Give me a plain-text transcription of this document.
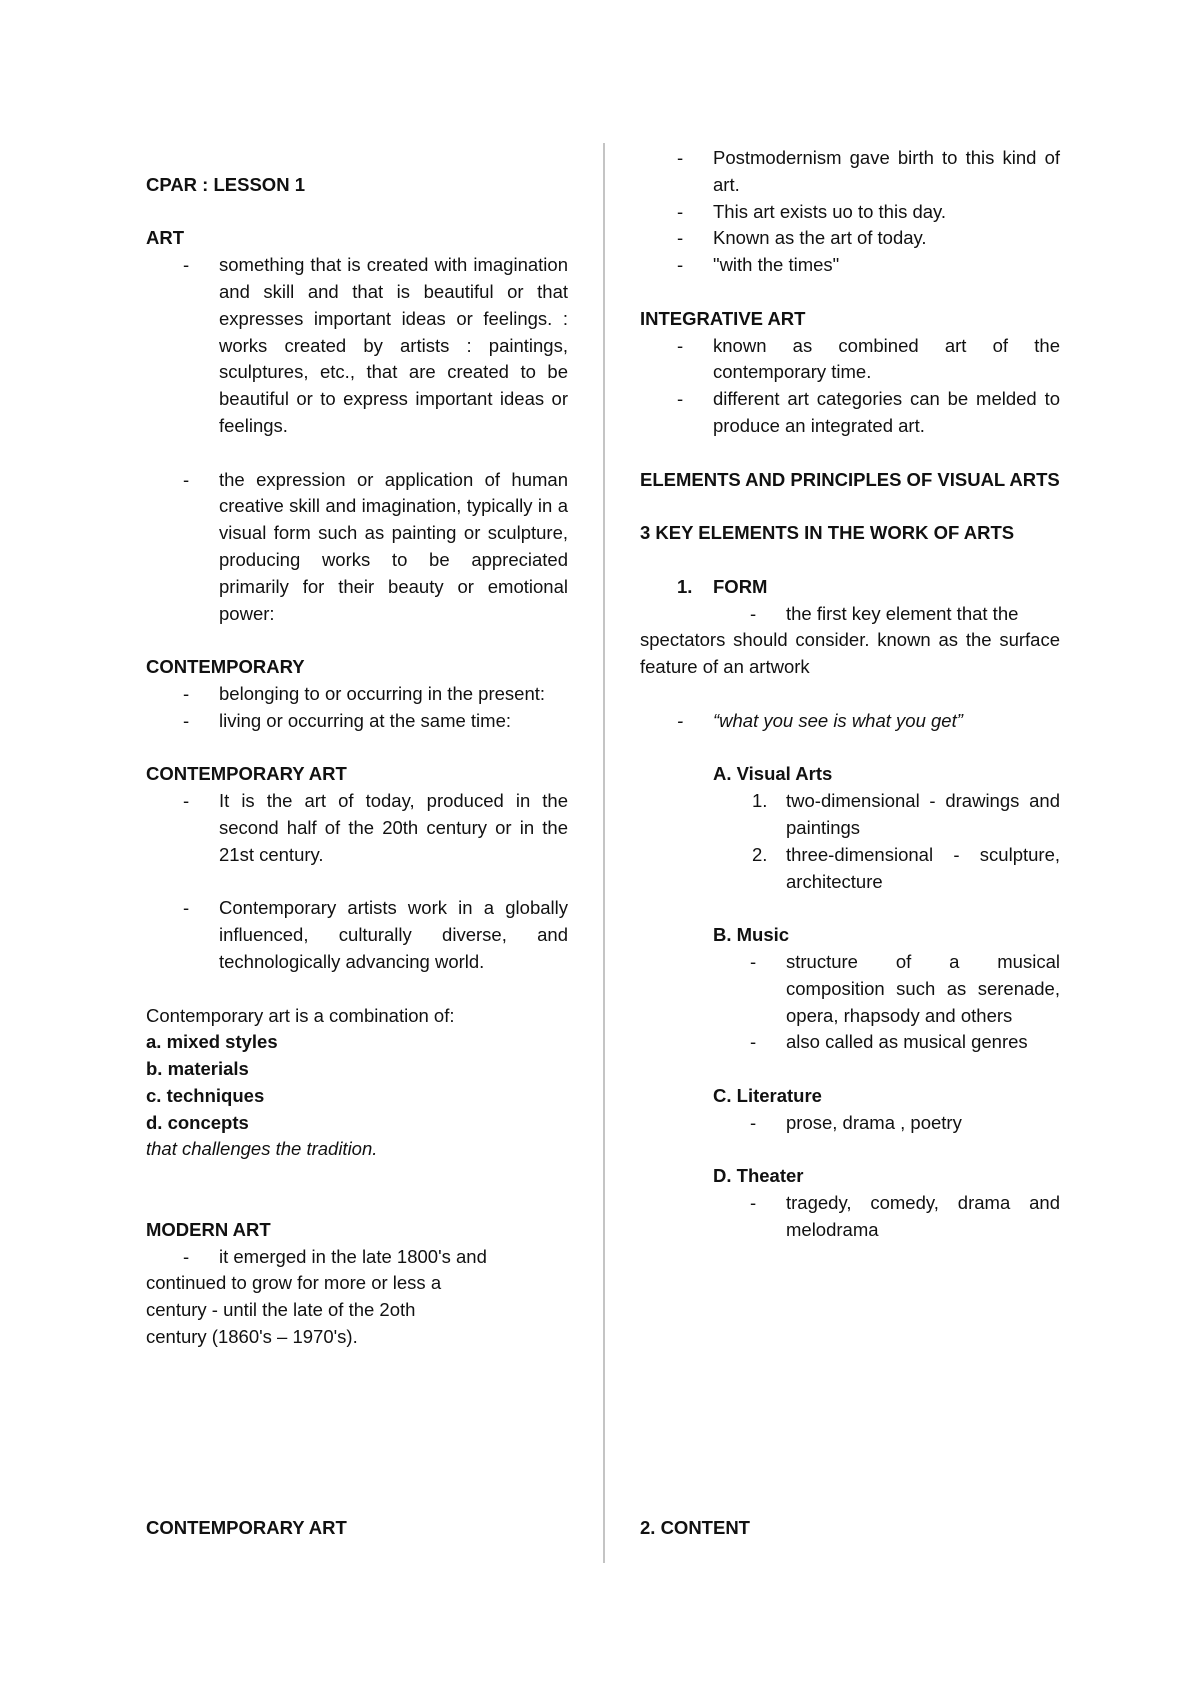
CPAR : LESSON 1
ART
- something that is created with imagination and skill and that is beautiful or that expresses important ideas or feelings. : works created by artists : paintings, sculptures, etc., that are created to be beautiful or to express important ideas or feelings.
- the expression or application of human creative skill and imagination, typically in a visual form such as painting or sculpture, producing works to be appreciated primarily for their beauty or emotional power:
CONTEMPORARY
- belonging to or occurring in the present:
- living or occurring at the same time:
CONTEMPORARY ART
- It is the art of today, produced in the second half of the 20th century or in the 21st century.
- Contemporary artists work in a globally influenced, culturally diverse, and technologically advancing world.
Contemporary art is a combination of:
a. mixed styles
b. materials
c. techniques
d. concepts
that challenges the tradition.
MODERN ART
- it emerged in the late 1800's and
continued to grow for more or less a
century - until the late of the 2oth
century (1860's – 1970's).
CONTEMPORARY ART
- Postmodernism gave birth to this kind of art.
- This art exists uo to this day.
- Known as the art of today.
- "with the times"
INTEGRATIVE ART
- known as combined art of the contemporary time.
- different art categories can be melded to produce an integrated art.
ELEMENTS AND PRINCIPLES OF VISUAL ARTS
3 KEY ELEMENTS IN THE WORK OF ARTS
1. FORM
- the first key element that the
spectators should consider. known as the surface feature of an artwork
- “what you see is what you get”
A. Visual Arts
1. two-dimensional - drawings and paintings
2. three-dimensional - sculpture, architecture
B. Music
- structure of a musical composition such as serenade, opera, rhapsody and others
- also called as musical genres
C. Literature
- prose, drama , poetry
D. Theater
- tragedy, comedy, drama and melodrama
2. CONTENT
